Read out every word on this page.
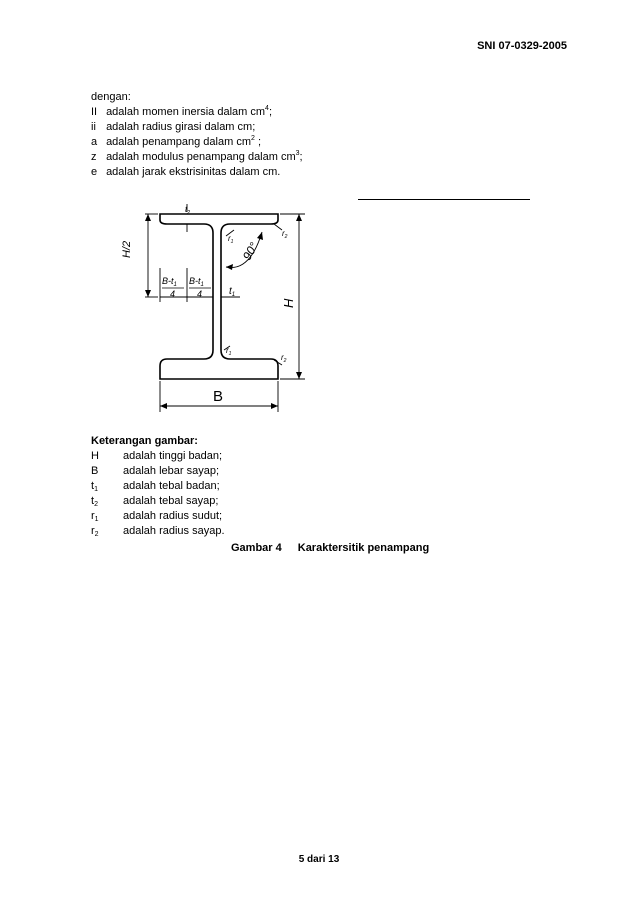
SNI 07-0329-2005
dengan:
II adalah momen inersia dalam $cm^4$;
ii adalah radius girasi dalam cm;
a adalah penampang dalam $cm^2$ ;
z adalah modulus penampang dalam $cm^3$;
e adalah jarak ekstrisinitas dalam cm.
H/2
$B-t_1$
4
$B-t_1$
4	$t_1$
$t_2$
H
B
90°
$r_1$
$r_1$
$r_2$
$r_2$
Keterangan gambar:
H adalah tinggi badan;
B adalah lebar sayap;
$t_1$ adalah tebal badan;
$t_2$ adalah tebal sayap;
$r_1$ adalah radius sudut;
$r_2$ adalah radius sayap.
Gambar 4 Karaktersitik penampang
5 dari 13
